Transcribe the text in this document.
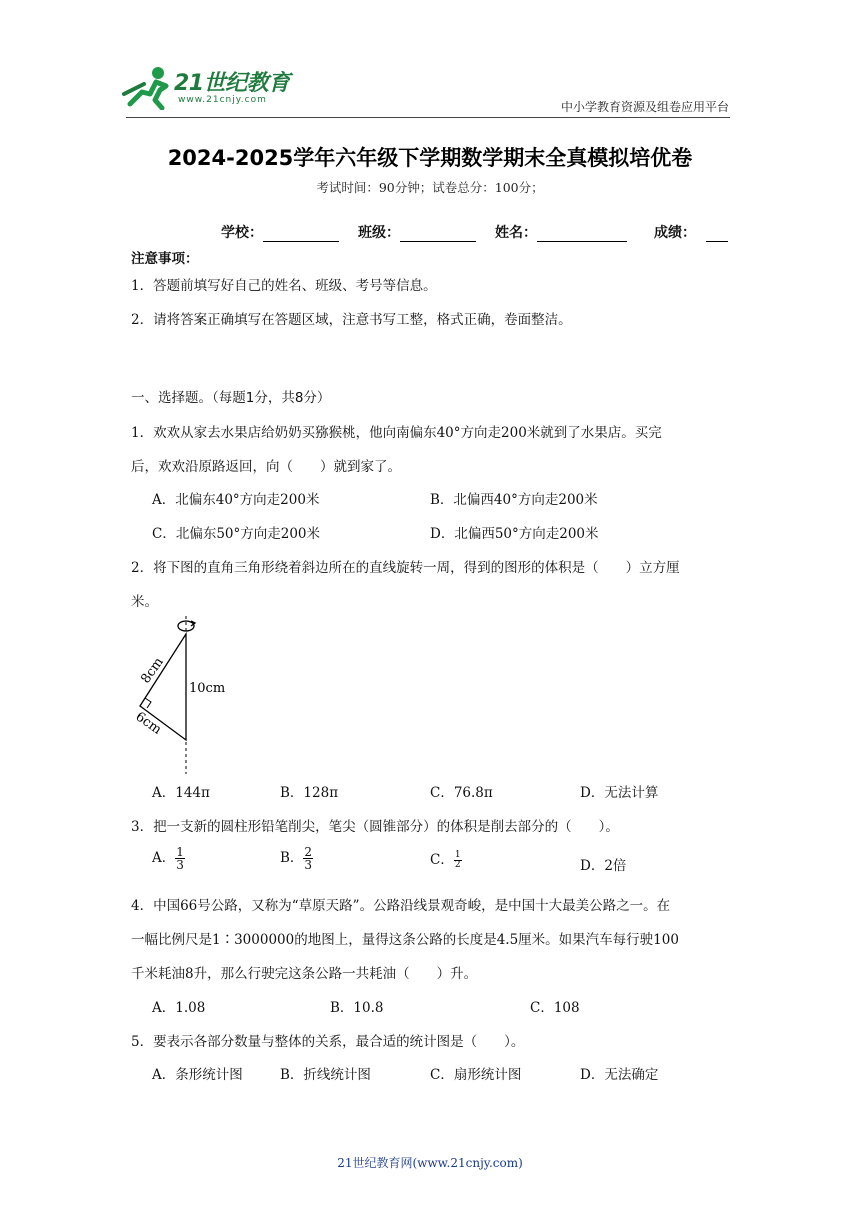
21世纪教育
www.21cnjy.com	中小学教育资源及组卷应用平台
2024-2025学年六年级下学期数学期末全真模拟培优卷
考试时间：90分钟；试卷总分：100分；
学校：	班级：	姓名：	成绩：
注意事项：
1．答题前填写好自己的姓名、班级、考号等信息。
2．请将答案正确填写在答题区域，注意书写工整，格式正确，卷面整洁。
一、选择题。（每题1分，共8分）
1．欢欢从家去水果店给奶奶买猕猴桃，他向南偏东40°方向走200米就到了水果店。买完
后，欢欢沿原路返回，向（　　）就到家了。
A．北偏东40°方向走200米	B．北偏西40°方向走200米
C．北偏东50°方向走200米	D．北偏西50°方向走200米
2．将下图的直角三角形绕着斜边所在的直线旋转一周，得到的图形的体积是（　　）立方厘
米。
8cm
10cm
6cm
A．144π	B．128π	C．76.8π	D．无法计算
3．把一支新的圆柱形铅笔削尖，笔尖（圆锥部分）的体积是削去部分的（　　）。
A． $\frac{1}{3}$	B． $\frac{2}{3}$	C． $\frac{1}{2}$	D．2倍
4．中国66号公路，又称为“草原天路”。公路沿线景观奇峻，是中国十大最美公路之一。在
一幅比例尺是1∶3000000的地图上，量得这条公路的长度是4.5厘米。如果汽车每行驶100
千米耗油8升，那么行驶完这条公路一共耗油（　　）升。
A．1.08	B．10.8	C．108
5．要表示各部分数量与整体的关系，最合适的统计图是（　　）。
A．条形统计图	B．折线统计图	C．扇形统计图	D．无法确定
21世纪教育网(www.21cnjy.com)
